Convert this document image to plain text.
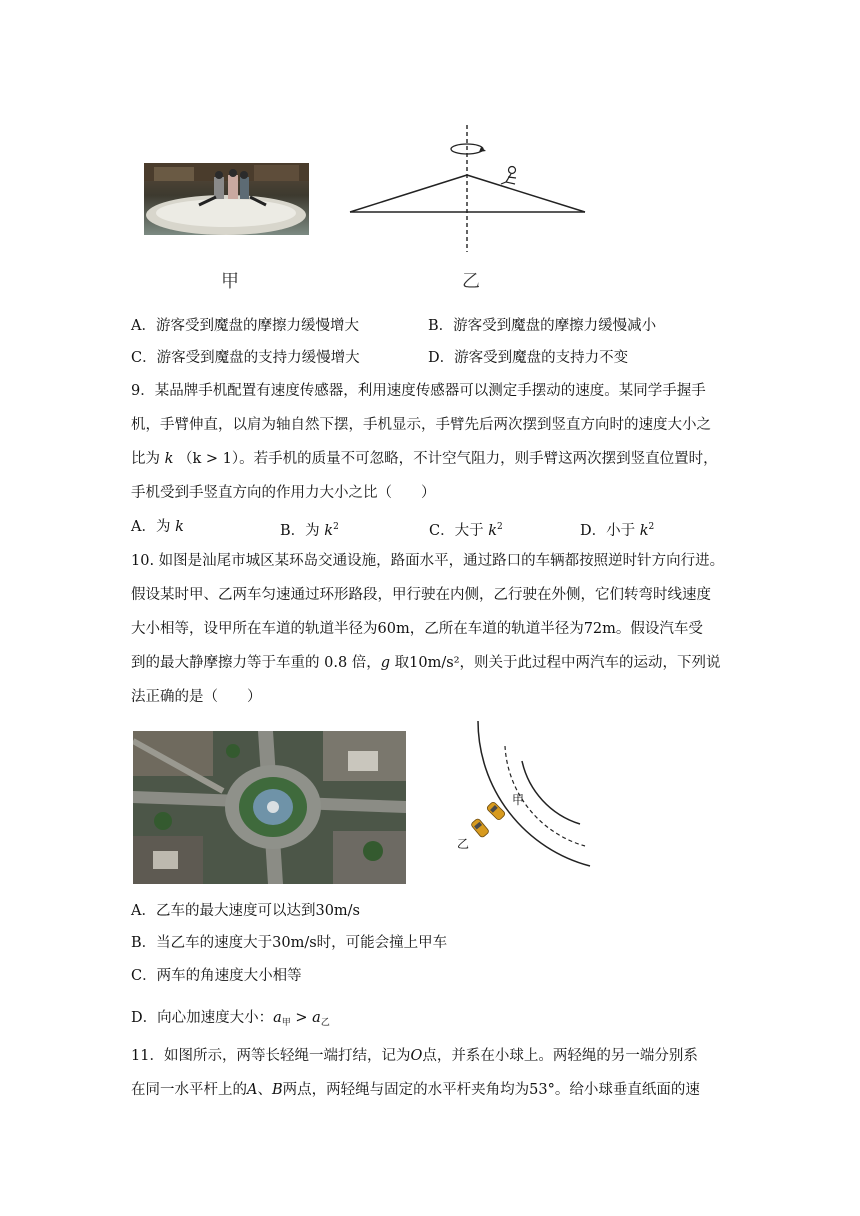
甲	乙
A．游客受到魔盘的摩擦力缓慢增大	B．游客受到魔盘的摩擦力缓慢减小
C．游客受到魔盘的支持力缓慢增大	D．游客受到魔盘的支持力不变
9．某品牌手机配置有速度传感器，利用速度传感器可以测定手摆动的速度。某同学手握手
机，手臂伸直，以肩为轴自然下摆，手机显示，手臂先后两次摆到竖直方向时的速度大小之
比为 k （k > 1）。若手机的质量不可忽略，不计空气阻力，则手臂这两次摆到竖直位置时，
手机受到手竖直方向的作用力大小之比（　　）
A．为 k	B．为 $k^2$	C．大于 $k^2$	D．小于 $k^2$
10. 如图是汕尾市城区某环岛交通设施，路面水平，通过路口的车辆都按照逆时针方向行进。
假设某时甲、乙两车匀速通过环形路段，甲行驶在内侧，乙行驶在外侧，它们转弯时线速度
大小相等，设甲所在车道的轨道半径为60m，乙所在车道的轨道半径为72m。假设汽车受
到的最大静摩擦力等于车重的 0.8 倍，g 取10m/s²，则关于此过程中两汽车的运动，下列说
法正确的是（　　）
甲
乙
A．乙车的最大速度可以达到30m/s
B．当乙车的速度大于30m/s时，可能会撞上甲车
C．两车的角速度大小相等
D．向心加速度大小：$a_甲 > a_乙$
11．如图所示，两等长轻绳一端打结，记为O点，并系在小球上。两轻绳的另一端分别系
在同一水平杆上的A、B两点，两轻绳与固定的水平杆夹角均为53°。给小球垂直纸面的速
